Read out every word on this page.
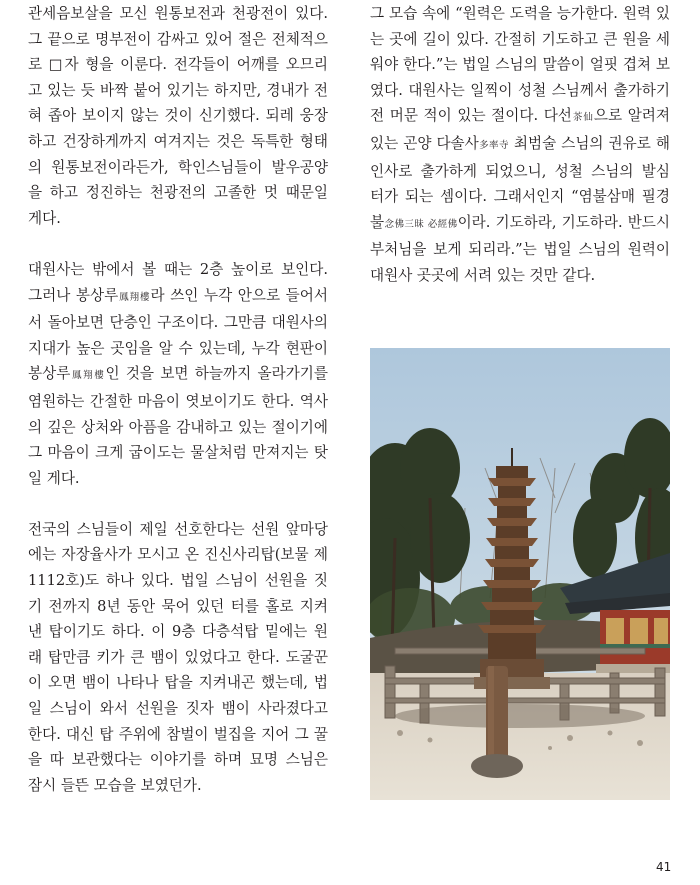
관세음보살을 모신 원통보전과 천광전이 있다. 그 끝으로 명부전이 감싸고 있어 절은 전체적으로 □자 형을 이룬다. 전각들이 어깨를 오므리고 있는 듯 바짝 붙어 있기는 하지만, 경내가 전혀 좁아 보이지 않는 것이 신기했다. 되레 웅장하고 건장하게까지 여겨지는 것은 독특한 형태의 원통보전이라든가, 학인스님들이 발우공양을 하고 정진하는 천광전의 고졸한 멋 때문일 게다.

대원사는 밖에서 볼 때는 2층 높이로 보인다. 그러나 봉상루鳳翔樓라 쓰인 누각 안으로 들어서서 돌아보면 단층인 구조이다. 그만큼 대원사의 지대가 높은 곳임을 알 수 있는데, 누각 현판이 봉상루鳳翔樓인 것을 보면 하늘까지 올라가기를 염원하는 간절한 마음이 엿보이기도 한다. 역사의 깊은 상처와 아픔을 감내하고 있는 절이기에 그 마음이 크게 굽이도는 물살처럼 만져지는 탓일 게다.

전국의 스님들이 제일 선호한다는 선원 앞마당에는 자장율사가 모시고 온 진신사리탑(보물 제1112호)도 하나 있다. 법일 스님이 선원을 짓기 전까지 8년 동안 묵어 있던 터를 홀로 지켜낸 탑이기도 하다. 이 9층 다층석탑 밑에는 원래 탑만큼 키가 큰 뱀이 있었다고 한다. 도굴꾼이 오면 뱀이 나타나 탑을 지켜내곤 했는데, 법일 스님이 와서 선원을 짓자 뱀이 사라졌다고 한다. 대신 탑 주위에 참벌이 벌집을 지어 그 꿀을 따 보관했다는 이야기를 하며 묘명 스님은 잠시 들뜬 모습을 보였던가.

그 모습 속에 “원력은 도력을 능가한다. 원력 있는 곳에 길이 있다. 간절히 기도하고 큰 원을 세워야 한다.”는 법일 스님의 말씀이 얼핏 겹쳐 보였다. 대원사는 일찍이 성철 스님께서 출가하기 전 머문 적이 있는 절이다. 다선茶仙으로 알려져 있는 곤양 다솔사多率寺 최범술 스님의 권유로 해인사로 출가하게 되었으니, 성철 스님의 발심 터가 되는 셈이다. 그래서인지 “염불삼매 필경불念佛三昧 必經佛이라. 기도하라, 기도하라. 반드시 부처님을 보게 되리라.”는 법일 스님의 원력이 대원사 곳곳에 서려 있는 것만 같다.

41
